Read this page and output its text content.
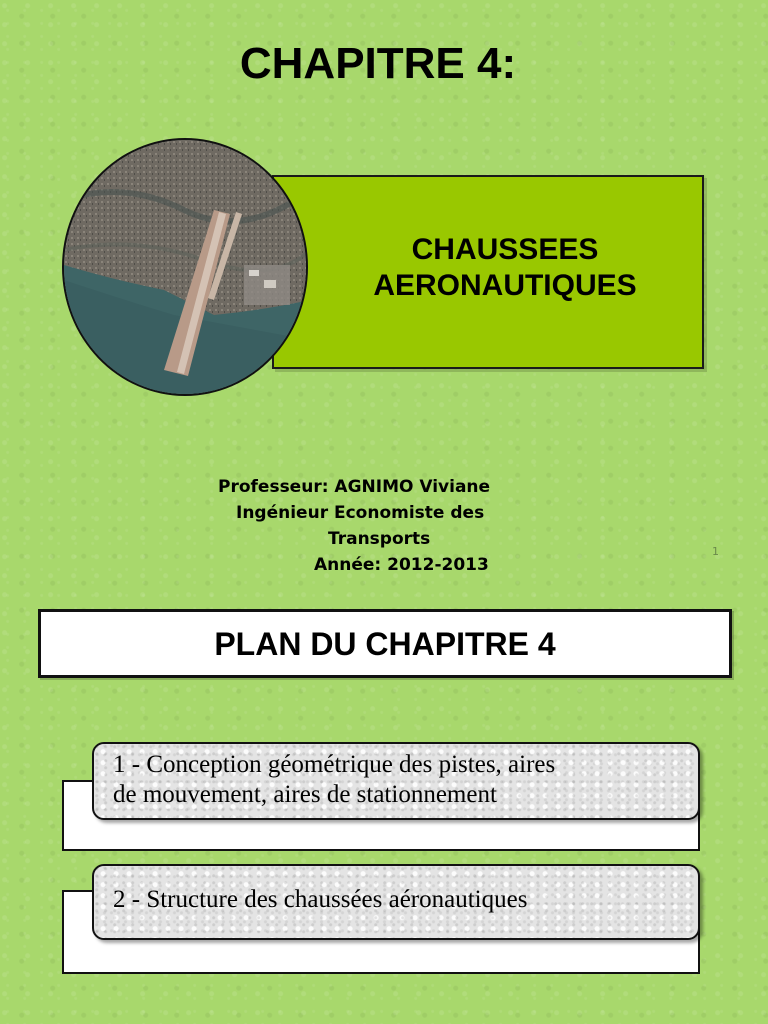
CHAPITRE 4:
CHAUSSEES
AERONAUTIQUES
Professeur: AGNIMO Viviane
Ingénieur Economiste des
Transports
Année: 2012-2013
1
PLAN DU CHAPITRE 4
1 - Conception géométrique des pistes, aires
de mouvement, aires de stationnement
2 - Structure des chaussées aéronautiques
